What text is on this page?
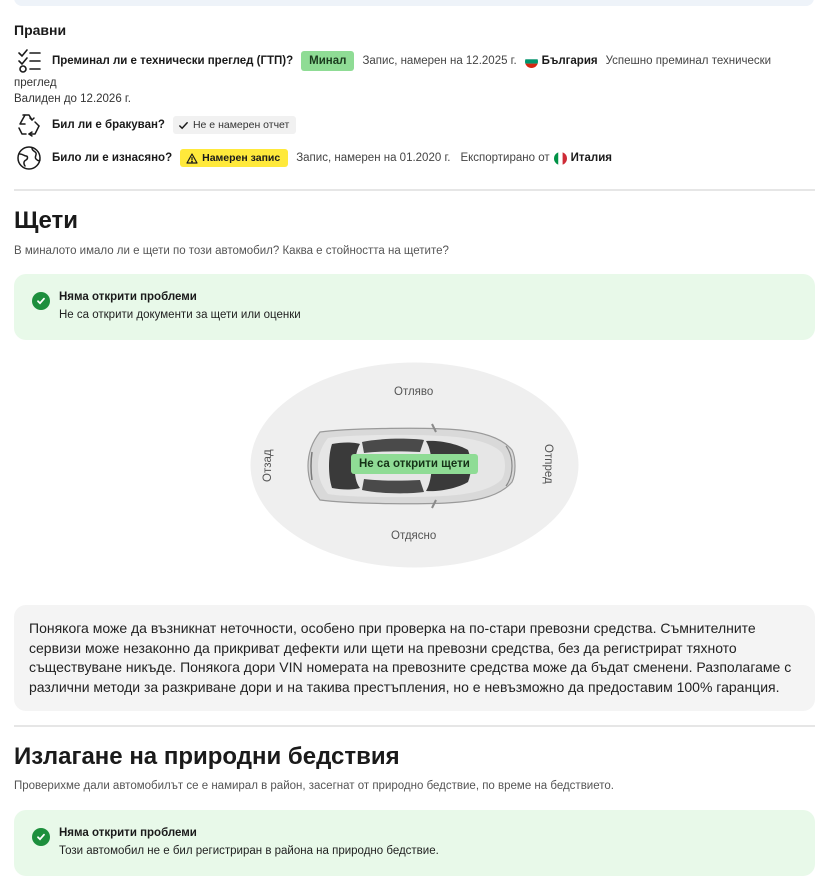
Правни
Преминал ли е технически преглед (ГТП)?	Минал	Запис, намерен на 12.2025 г. България Успешно преминал технически
преглед
Валиден до 12.2026 г.
Бил ли е бракуван?	Не е намерен отчет
Било ли е изнасяно?	Намерен запис Запис, намерен на 01.2020 г. Експортирано от Италия
Щети
В миналото имало ли е щети по този автомобил? Каква е стойността на щетите?
Няма открити проблеми
Не са открити документи за щети или оценки
Отляво
Отдясно
Отзад	Отпред
Не са открити щети
Понякога може да възникнат неточности, особено при проверка на по-стари превозни средства. Съмнителните сервизи може незаконно да прикриват дефекти или щети на превозни средства, без да регистрират тяхното съществуване никъде. Понякога дори VIN номерата на превозните средства може да бъдат сменени. Разполагаме с различни методи за разкриване дори и на такива престъпления, но е невъзможно да предоставим 100% гаранция.
Излагане на природни бедствия
Проверихме дали автомобилът се е намирал в район, засегнат от природно бедствие, по време на бедствието.
Няма открити проблеми
Този автомобил не е бил регистриран в района на природно бедствие.
